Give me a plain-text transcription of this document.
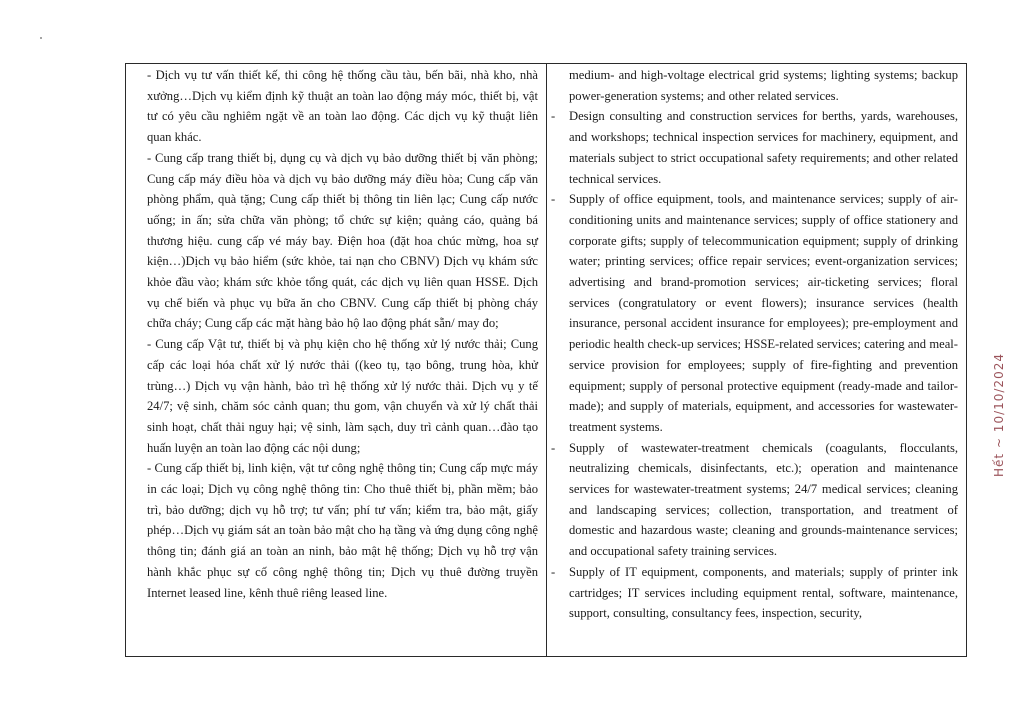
- Dịch vụ tư vấn thiết kế, thi công hệ thống cầu tàu, bến bãi, nhà kho, nhà xưởng…Dịch vụ kiểm định kỹ thuật an toàn lao động máy móc, thiết bị, vật tư có yêu cầu nghiêm ngặt về an toàn lao động. Các dịch vụ kỹ thuật liên quan khác.

- Cung cấp trang thiết bị, dụng cụ và dịch vụ bảo dưỡng thiết bị văn phòng; Cung cấp máy điều hòa và dịch vụ bảo dưỡng máy điều hòa; Cung cấp văn phòng phẩm, quà tặng; Cung cấp thiết bị thông tin liên lạc; Cung cấp nước uống; in ấn; sửa chữa văn phòng; tổ chức sự kiện; quảng cáo, quảng bá thương hiệu. cung cấp vé máy bay. Điện hoa (đặt hoa chúc mừng, hoa sự kiện…)Dịch vụ bảo hiểm (sức khỏe, tai nạn cho CBNV) Dịch vụ khám sức khỏe đầu vào; khám sức khỏe tổng quát, các dịch vụ liên quan HSSE. Dịch vụ chế biến và phục vụ bữa ăn cho CBNV. Cung cấp thiết bị phòng cháy chữa cháy; Cung cấp các mặt hàng bảo hộ lao động phát sẵn/ may đo;

- Cung cấp Vật tư, thiết bị và phụ kiện cho hệ thống xử lý nước thải; Cung cấp các loại hóa chất xử lý nước thải ((keo tụ, tạo bông, trung hòa, khử trùng…) Dịch vụ vận hành, bảo trì hệ thống xử lý nước thải. Dịch vụ y tế 24/7; vệ sinh, chăm sóc cảnh quan; thu gom, vận chuyển và xử lý chất thải sinh hoạt, chất thải nguy hại; vệ sinh, làm sạch, duy trì cảnh quan…đào tạo huấn luyện an toàn lao động các nội dung;

- Cung cấp thiết bị, linh kiện, vật tư công nghệ thông tin; Cung cấp mực máy in các loại; Dịch vụ công nghệ thông tin: Cho thuê thiết bị, phần mềm; bảo trì, bảo dưỡng; dịch vụ hỗ trợ; tư vấn; phí tư vấn; kiểm tra, bảo mật, giấy phép…Dịch vụ giám sát an toàn bảo mật cho hạ tầng và ứng dụng công nghệ thông tin; đánh giá an toàn an ninh, bảo mật hệ thống; Dịch vụ hỗ trợ vận hành khắc phục sự cố công nghệ thông tin; Dịch vụ thuê đường truyền Internet leased line, kênh thuê riêng leased line.

medium- and high-voltage electrical grid systems; lighting systems; backup power-generation systems; and other related services.

- Design consulting and construction services for berths, yards, warehouses, and workshops; technical inspection services for machinery, equipment, and materials subject to strict occupational safety requirements; and other related technical services.

- Supply of office equipment, tools, and maintenance services; supply of air-conditioning units and maintenance services; supply of office stationery and corporate gifts; supply of telecommunication equipment; supply of drinking water; printing services; office repair services; event-organization services; advertising and brand-promotion services; air-ticketing services; floral services (congratulatory or event flowers); insurance services (health insurance, personal accident insurance for employees); pre-employment and periodic health check-up services; HSSE-related services; catering and meal-service provision for employees; supply of fire-fighting and prevention equipment; supply of personal protective equipment (ready-made and tailor-made); and supply of materials, equipment, and accessories for wastewater-treatment systems.

- Supply of wastewater-treatment chemicals (coagulants, flocculants, neutralizing chemicals, disinfectants, etc.); operation and maintenance services for wastewater-treatment systems; 24/7 medical services; cleaning and landscaping services; collection, transportation, and treatment of domestic and hazardous waste; cleaning and grounds-maintenance services; and occupational safety training services.

- Supply of IT equipment, components, and materials; supply of printer ink cartridges; IT services including equipment rental, software, maintenance, support, consulting, consultancy fees, inspection, security,

Hết ~ 10/10/2024
